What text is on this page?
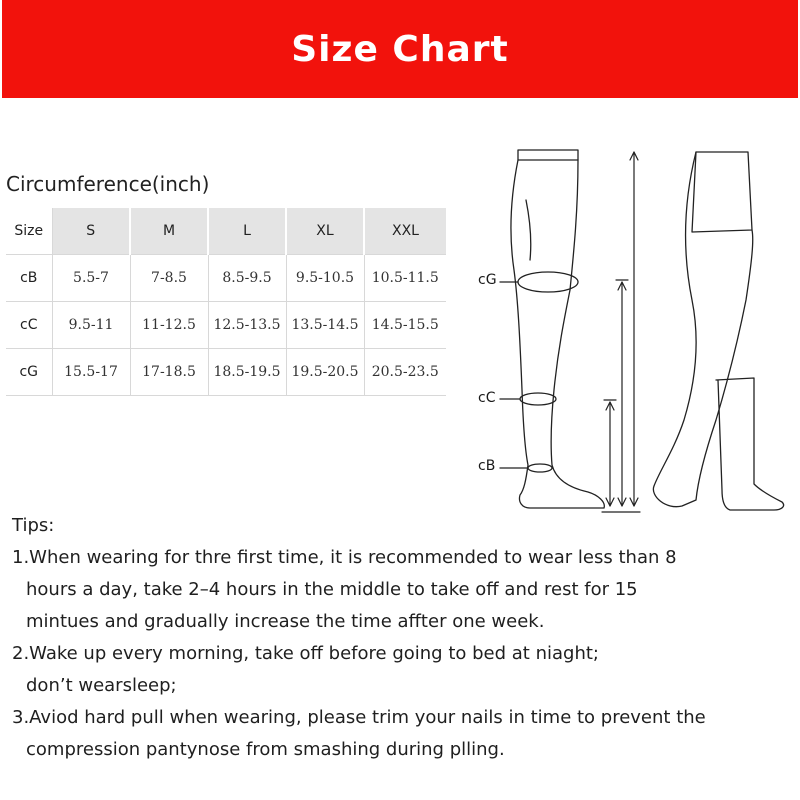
Size Chart
Circumference(inch)
Size	S	M	L	XL	XXL
cB	5.5-7	7-8.5	8.5-9.5	9.5-10.5	10.5-11.5
cC	9.5-11	11-12.5	12.5-13.5	13.5-14.5	14.5-15.5
cG	15.5-17	17-18.5	18.5-19.5	19.5-20.5	20.5-23.5
cG
cC
cB

Tips:

1.When wearing for thre first time, it is recommended to wear less than 8

hours a day, take 2–4 hours in the middle to take off and rest for 15

mintues and gradually increase the time affter one week.

2.Wake up every morning, take off before going to bed at niaght;

don’t wearsleep;

3.Aviod hard pull when wearing, please trim your nails in time to prevent the

compression pantynose from smashing during plling.
